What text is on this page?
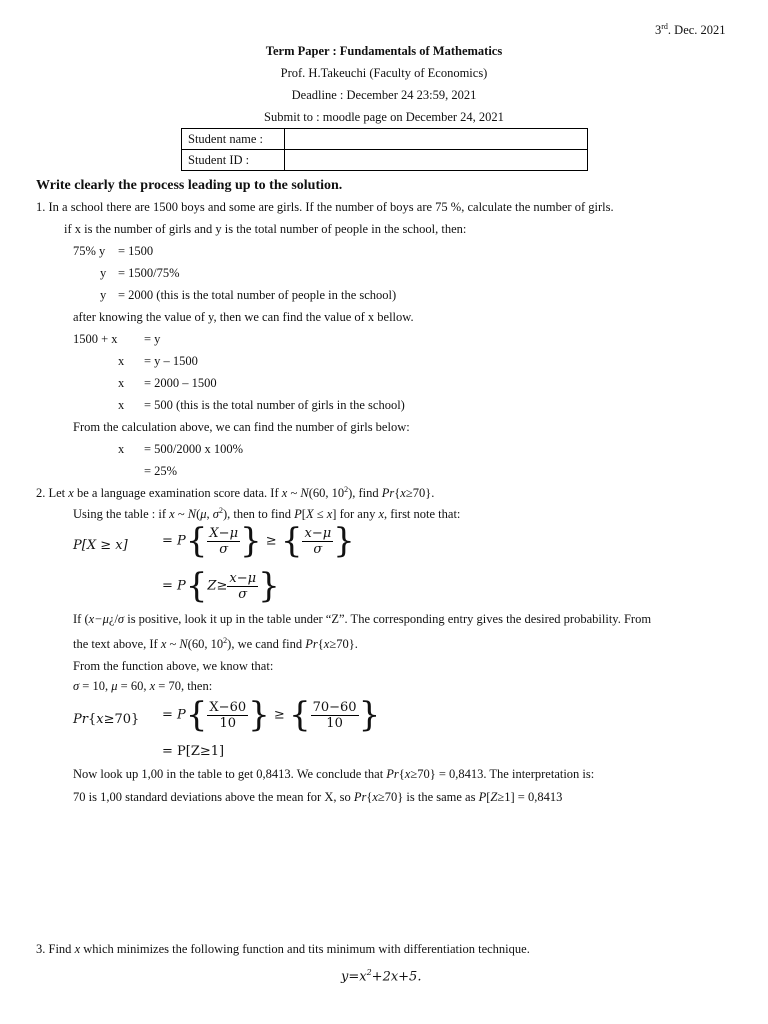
3rd. Dec. 2021
Term Paper : Fundamentals of Mathematics
Prof. H.Takeuchi (Faculty of Economics)
Deadline : December 24 23:59, 2021
Submit to : moodle page on December 24, 2021
Student name :	
Student ID :	
Write clearly the process leading up to the solution.
1. In a school there are 1500 boys and some are girls. If the number of boys are 75 %, calculate the number of girls.
if x is the number of girls and y is the total number of people in the school, then:
75% y = 1500
y = 1500/75%
y = 2000 (this is the total number of people in the school)
after knowing the value of y, then we can find the value of x bellow.
1500 + x = y
x = y – 1500
x = 2000 – 1500
x = 500 (this is the total number of girls in the school)
From the calculation above, we can find the number of girls below:
x = 500/2000 x 100%
= 25%
2. Let x be a language examination score data. If x ~ N(60, $10^2$), find Pr{x≥70}.
Using the table : if x ~ N(μ, $\sigma^2$), then to find P[X ≤ x] for any x, first note that:
P[X ≥ x]	= $P\{ \frac{X-\mu}{\sigma}$ } ≥ { $\frac{x-\mu}{\sigma}$ }
= $P\{Z\ge \frac{x-\mu}{\sigma}$ }
If (x−μ¿/σ is positive, look it up in the table under “Z”. The corresponding entry gives the desired probability. From
the text above, If x ~ N(60, $10^2$), we cand find Pr{x≥70}.
From the function above, we know that:
σ = 10, μ = 60, x = 70, then:
$Pr\{x\ge 70\} = P\{ \frac{X-60}{10}$ } ≥ { $\frac{70-60}{10}$ }
= P[Z≥1]
Now look up 1,00 in the table to get 0,8413. We conclude that Pr{x≥70} = 0,8413. The interpretation is:
70 is 1,00 standard deviations above the mean for X, so Pr{x≥70} is the same as P[Z≥1] = 0,8413
3. Find x which minimizes the following function and tits minimum with differentiation technique.
$y=x^2+2x+5$.
